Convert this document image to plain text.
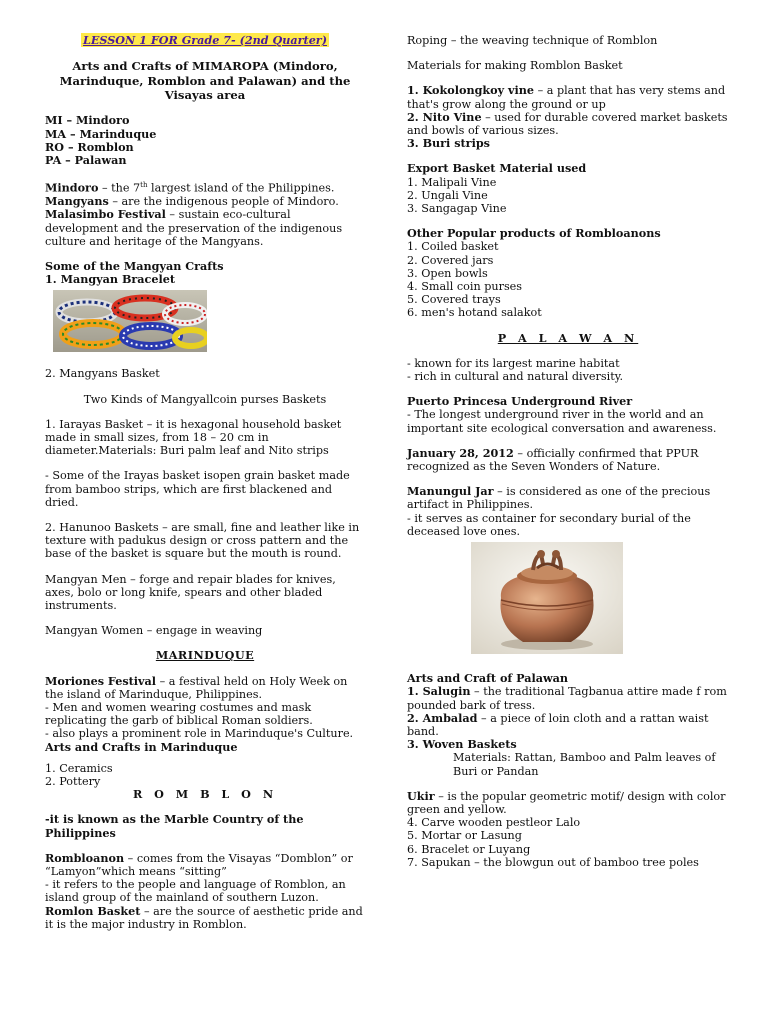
LESSON 1 FOR Grade 7- (2nd Quarter)

Arts and Crafts of MIMAROPA (Mindoro, Marinduque, Romblon and Palawan) and the Visayas area

MI – Mindoro

MA – Marinduque

RO – Romblon

PA – Palawan

Mindoro – the 7th largest island of the Philippines.

Mangyans – are the indigenous people of Mindoro.

Malasimbo Festival – sustain eco-cultural development and the preservation of the indigenous culture and heritage of the Mangyans.

Some of the Mangyan Crafts

1. Mangyan Bracelet

2. Mangyans Basket

Two Kinds of Mangyallcoin purses Baskets

1. Iarayas Basket – it is hexagonal household basket made in small sizes, from 18 – 20 cm in diameter.Materials: Buri palm leaf and Nito strips

- Some of the Irayas basket isopen grain basket made from bamboo strips, which are first blackened and dried.

2. Hanunoo Baskets – are small, fine and leather like in texture with padukus design or cross pattern and the base of the basket is square but the mouth is round.

Mangyan Men – forge and repair blades for knives, axes, bolo or long knife, spears and other bladed instruments.

Mangyan Women – engage in weaving

MARINDUQUE

Moriones Festival – a festival held on Holy Week on the island of Marinduque, Philippines.

- Men and women wearing costumes and mask replicating the garb of biblical Roman soldiers.

- also plays a prominent role in Marinduque's Culture.

Arts and Crafts in Marinduque

1. Ceramics

2. Pottery

R O M B L O N

-it is known as the Marble Country of the Philippines

Rombloanon – comes from the Visayas “Domblon” or “Lamyon”which means “sitting”

- it refers to the people and language of Romblon, an island group of the mainland of southern Luzon.

Romlon Basket – are the source of aesthetic pride and it is the major industry in Romblon.

Roping – the weaving technique of Romblon

Materials for making Romblon Basket

1. Kokolongkoy vine – a plant that has very stems and that's grow along the ground or up

2. Nito Vine – used for durable covered market baskets and bowls of various sizes.

3. Buri strips

Export Basket Material used

1. Malipali Vine

2. Ungali Vine

3. Sangagap Vine

Other Popular products of Rombloanons

1. Coiled basket

2. Covered jars

3. Open bowls

4. Small coin purses

5. Covered trays

6. men's hotand salakot

P A L A W A N

- known for its largest marine habitat

- rich in cultural and natural diversity.

Puerto Princesa Underground River

- The longest underground river in the world and an important site ecological conversation and awareness.

January 28, 2012 – officially confirmed that PPUR recognized as the Seven Wonders of Nature.

Manungul Jar – is considered as one of the precious artifact in Philippines.

- it serves as container for secondary burial of the deceased love ones.

Arts and Craft of Palawan

1. Salugin – the traditional Tagbanua attire made f rom pounded bark of tress.

2. Ambalad – a piece of loin cloth and a rattan waist band.

3. Woven Baskets

Materials: Rattan, Bamboo and Palm leaves of Buri or Pandan

Ukir – is the popular geometric motif/ design with color green and yellow.

4. Carve wooden pestleor Lalo

5. Mortar or Lasung

6. Bracelet or Luyang

7. Sapukan – the blowgun out of bamboo tree poles
